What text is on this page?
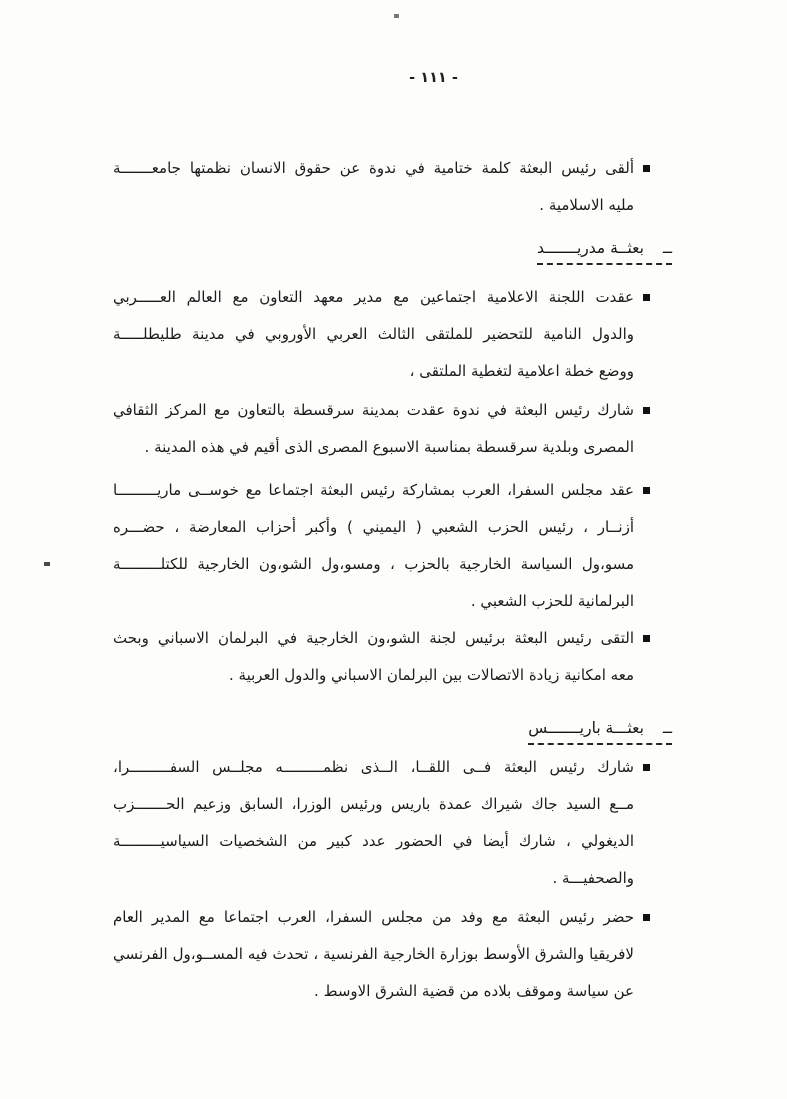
- ١١١ -
ألقى رئيس البعثة كلمة ختامية في ندوة عن حقوق الانسان نظمتها جامعـــــــة
مليه الاسلامية .
ــ بعثــة مدريـــــــد
عقدت اللجنة الاعلامية اجتماعين مع مدير معهد التعاون مع العالم العـــــربي
والدول النامية للتحضير للملتقى الثالث العربي الأوروبي في مدينة طليطلـــــة
ووضع خطة اعلامية لتغطية الملتقى ،
شارك رئيس البعثة في ندوة عقدت بمدينة سرقسطة بالتعاون مع المركز الثقافي
المصرى وبلدية سرقسطة بمناسبة الاسبوع المصرى الذى أقيم في هذه المدينة .
عقد مجلس السفرا، العرب بمشاركة رئيس البعثة اجتماعا مع خوســى ماريـــــــــا
أزنــار ، رئيس الحزب الشعبي ( اليميني ) وأكبر أحزاب المعارضة ، حضـــره
مسو،ول السياسة الخارجية بالحزب ، ومسو،ول الشو،ون الخارجية للكتلـــــــــة
البرلمانية للحزب الشعبي .
التقى رئيس البعثة برئيس لجنة الشو،ون الخارجية في البرلمان الاسباني وبحث
معه امكانية زيادة الاتصالات بين البرلمان الاسباني والدول العربية .
ــ بعثـــة باريـــــــس
شارك رئيس البعثة فــى اللقــا، الــذى نظمـــــــــه مجلــس السفـــــــــرا،
مــع السيد جاك شيراك عمدة باريس ورئيس الوزرا، السابق وزعيم الحـــــــزب
الديغولي ، شارك أيضا في الحضور عدد كبير من الشخصيات السياسيـــــــــة
والصحفيـــة .
حضر رئيس البعثة مع وفد من مجلس السفرا، العرب اجتماعا مع المدير العام
لافريقيا والشرق الأوسط بوزارة الخارجية الفرنسية ، تحدث فيه المســو،ول الفرنسي
عن سياسة وموقف بلاده من قضية الشرق الاوسط .
